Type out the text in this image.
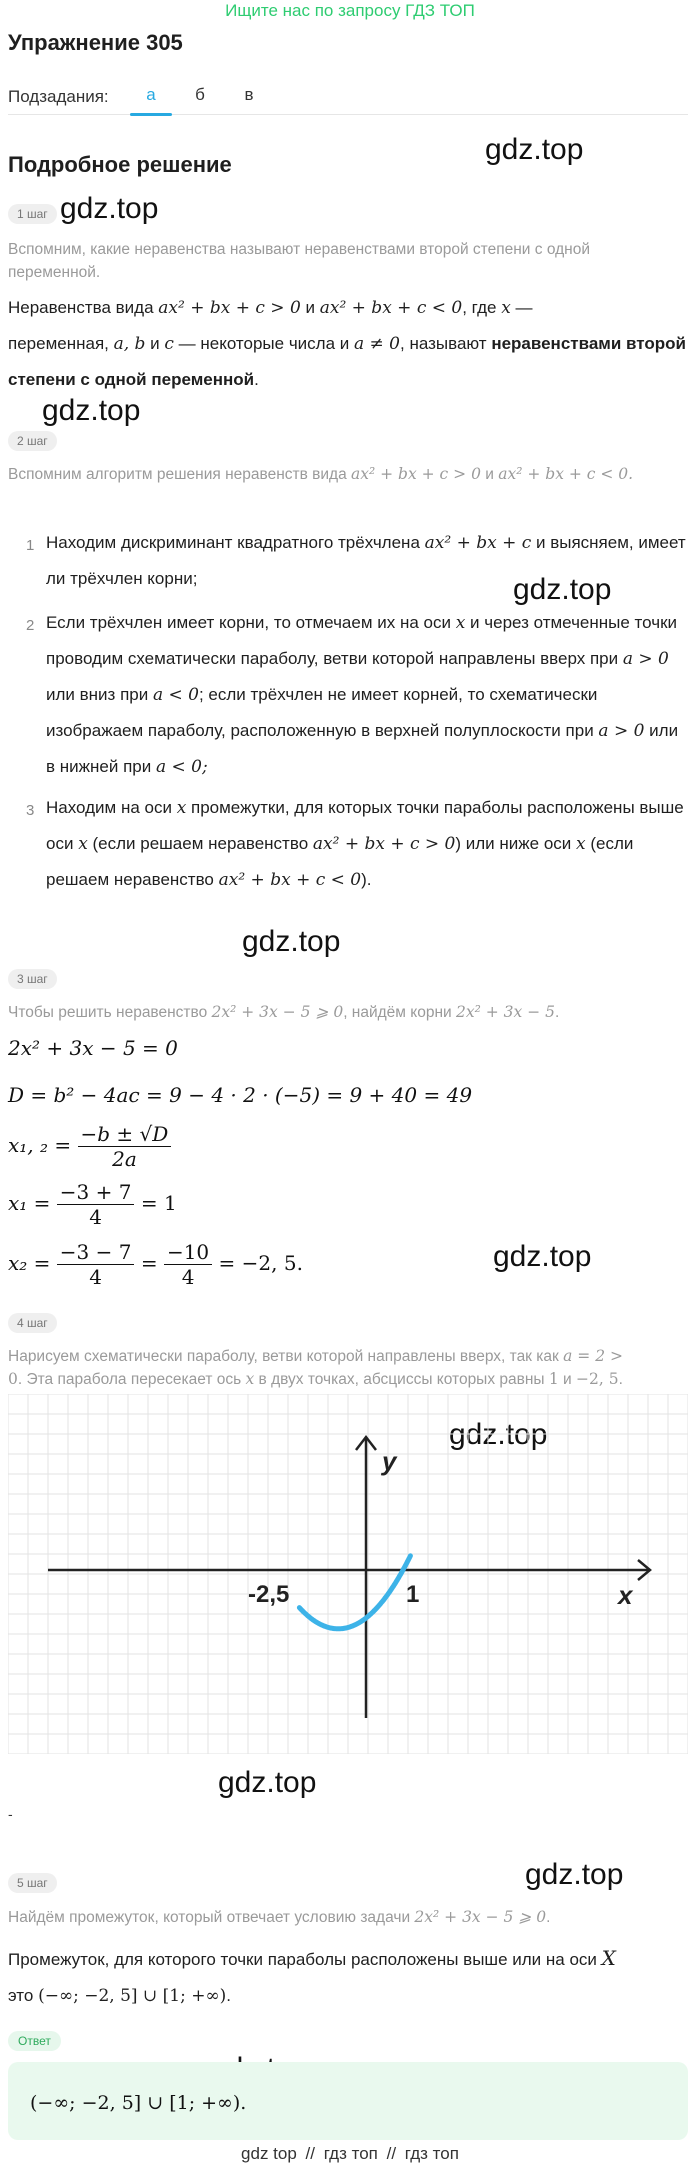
Ищите нас по запросу ГДЗ ТОП
Упражнение 305
Подзадания:	а	б	в
Подробное решение	gdz.top
gdz.top
gdz.top
gdz.top
gdz.top
gdz.top
gdz.top
gdz.top
gdz.top
1 шаг
Вспомним, какие неравенства называют неравенствами второй степени с одной переменной.
Неравенства вида ax² + bx + c > 0 и ax² + bx + c < 0, где x —
переменная, a, b и c — некоторые числа и a ≠ 0, называют неравенствами второй степени с одной переменной.
2 шаг
Вспомним алгоритм решения неравенств вида ax² + bx + c > 0 и ax² + bx + c < 0.
1 Находим дискриминант квадратного трёхчлена ax² + bx + c и выясняем, имеет ли трёхчлен корни;
2 Если трёхчлен имеет корни, то отмечаем их на оси x и через отмеченные точки проводим схематически параболу, ветви которой направлены вверх при a > 0 или вниз при a < 0; если трёхчлен не имеет корней, то схематически изображаем параболу, расположенную в верхней полуплоскости при a > 0 или в нижней при a < 0;
3 Находим на оси x промежутки, для которых точки параболы расположены выше оси x (если решаем неравенство ax² + bx + c > 0) или ниже оси x (если решаем неравенство ax² + bx + c < 0).
3 шаг
Чтобы решить неравенство 2x² + 3x − 5 ⩾ 0, найдём корни 2x² + 3x − 5.
2x² + 3x − 5 = 0
D = b² − 4ac = 9 − 4 · 2 · (−5) = 9 + 40 = 49
x₁, $_2 = \frac{-b \pm √D}{2a}$
$x_1 = \frac{-3 + 7}{4} = 1$
$x_2 = \frac{-3 - 7}{4} = \frac{-10}{4} = -2$, 5.
4 шаг
Нарисуем схематически параболу, ветви которой направлены вверх, так как a = 2 >
0. Эта парабола пересекает ось x в двух точках, абсциссы которых равны 1 и −2, 5.
y
x
-2,5	1
-
5 шаг
Найдём промежуток, который отвечает условию задачи 2x² + 3x − 5 ⩾ 0.
Промежуток, для которого точки параболы расположены выше или на оси X
это (−∞; −2, 5] ∪ [1; +∞).
Ответ
(−∞; −2, 5] ∪ [1; +∞).
gdz top // гдз топ // гдз топ
